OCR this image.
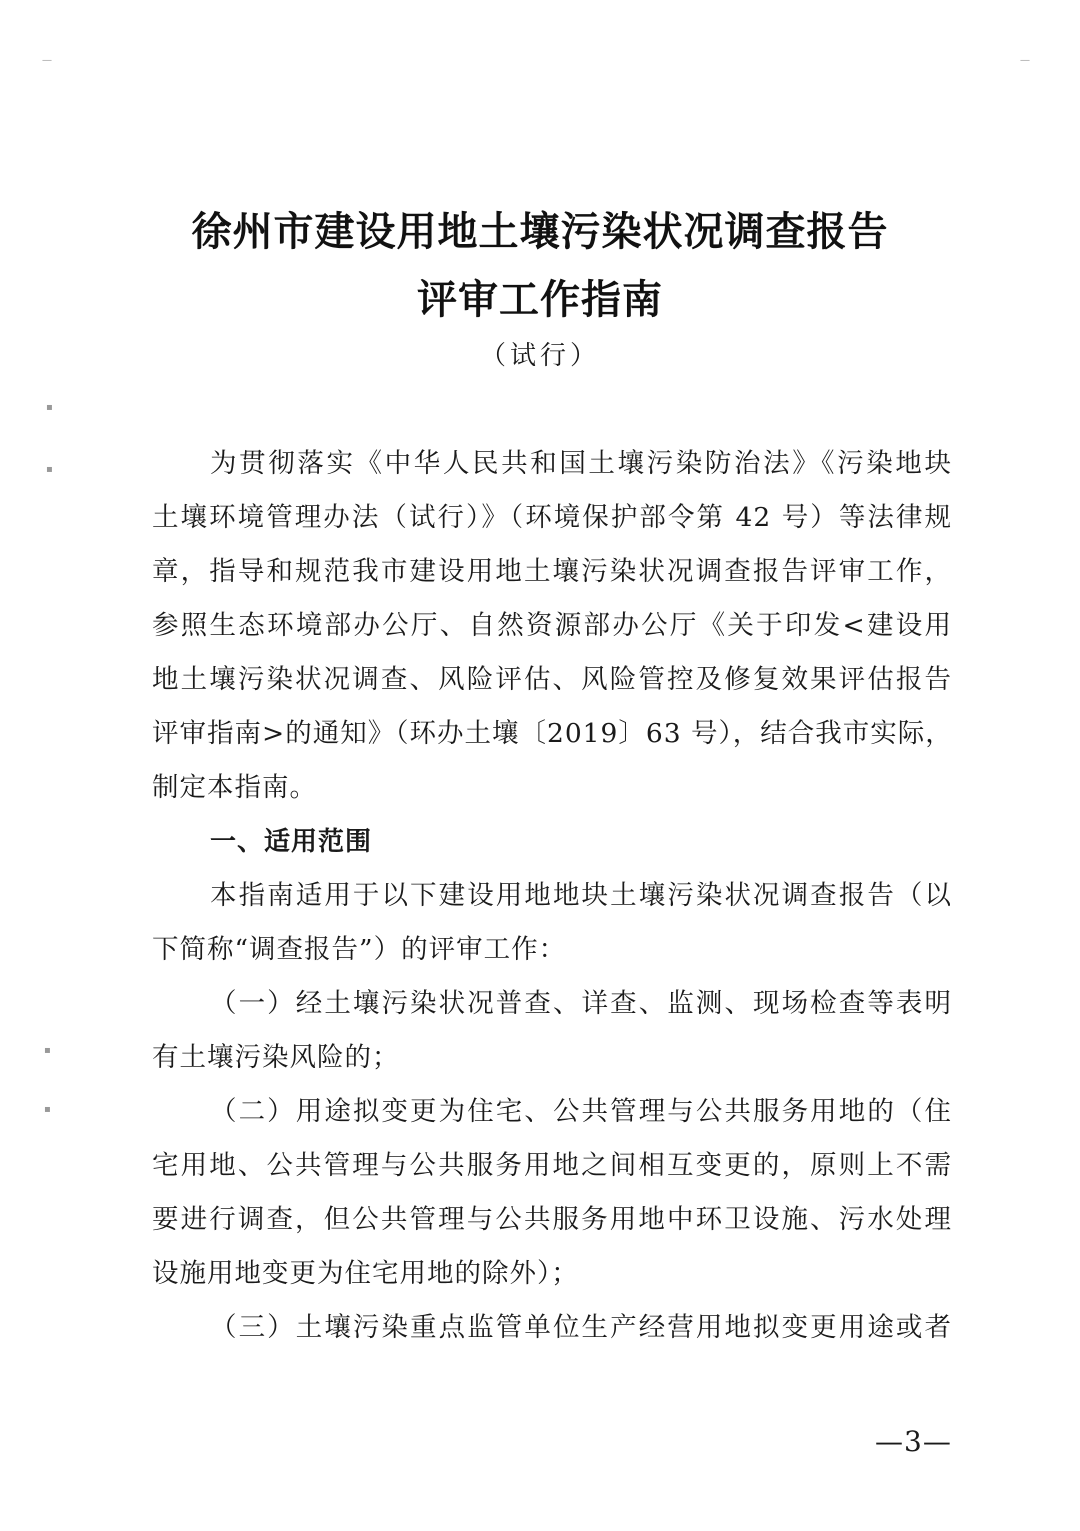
—	—
▪
▪
▪
▪
徐州市建设用地土壤污染状况调查报告
评审工作指南
（试行）
为贯彻落实《中华人民共和国土壤污染防治法》《污染地块
土壤环境管理办法（试行）》（环境保护部令第 42 号）等法律规
章，指导和规范我市建设用地土壤污染状况调查报告评审工作，
参照生态环境部办公厅、自然资源部办公厅《关于印发<建设用
地土壤污染状况调查、风险评估、风险管控及修复效果评估报告
评审指南>的通知》（环办土壤〔2019〕63 号），结合我市实际，
制定本指南。
一、适用范围
本指南适用于以下建设用地地块土壤污染状况调查报告（以
下简称“调查报告”）的评审工作：
（一）经土壤污染状况普查、详查、监测、现场检查等表明
有土壤污染风险的；
（二）用途拟变更为住宅、公共管理与公共服务用地的（住
宅用地、公共管理与公共服务用地之间相互变更的，原则上不需
要进行调查，但公共管理与公共服务用地中环卫设施、污水处理
设施用地变更为住宅用地的除外）；
（三）土壤污染重点监管单位生产经营用地拟变更用途或者
—3—
